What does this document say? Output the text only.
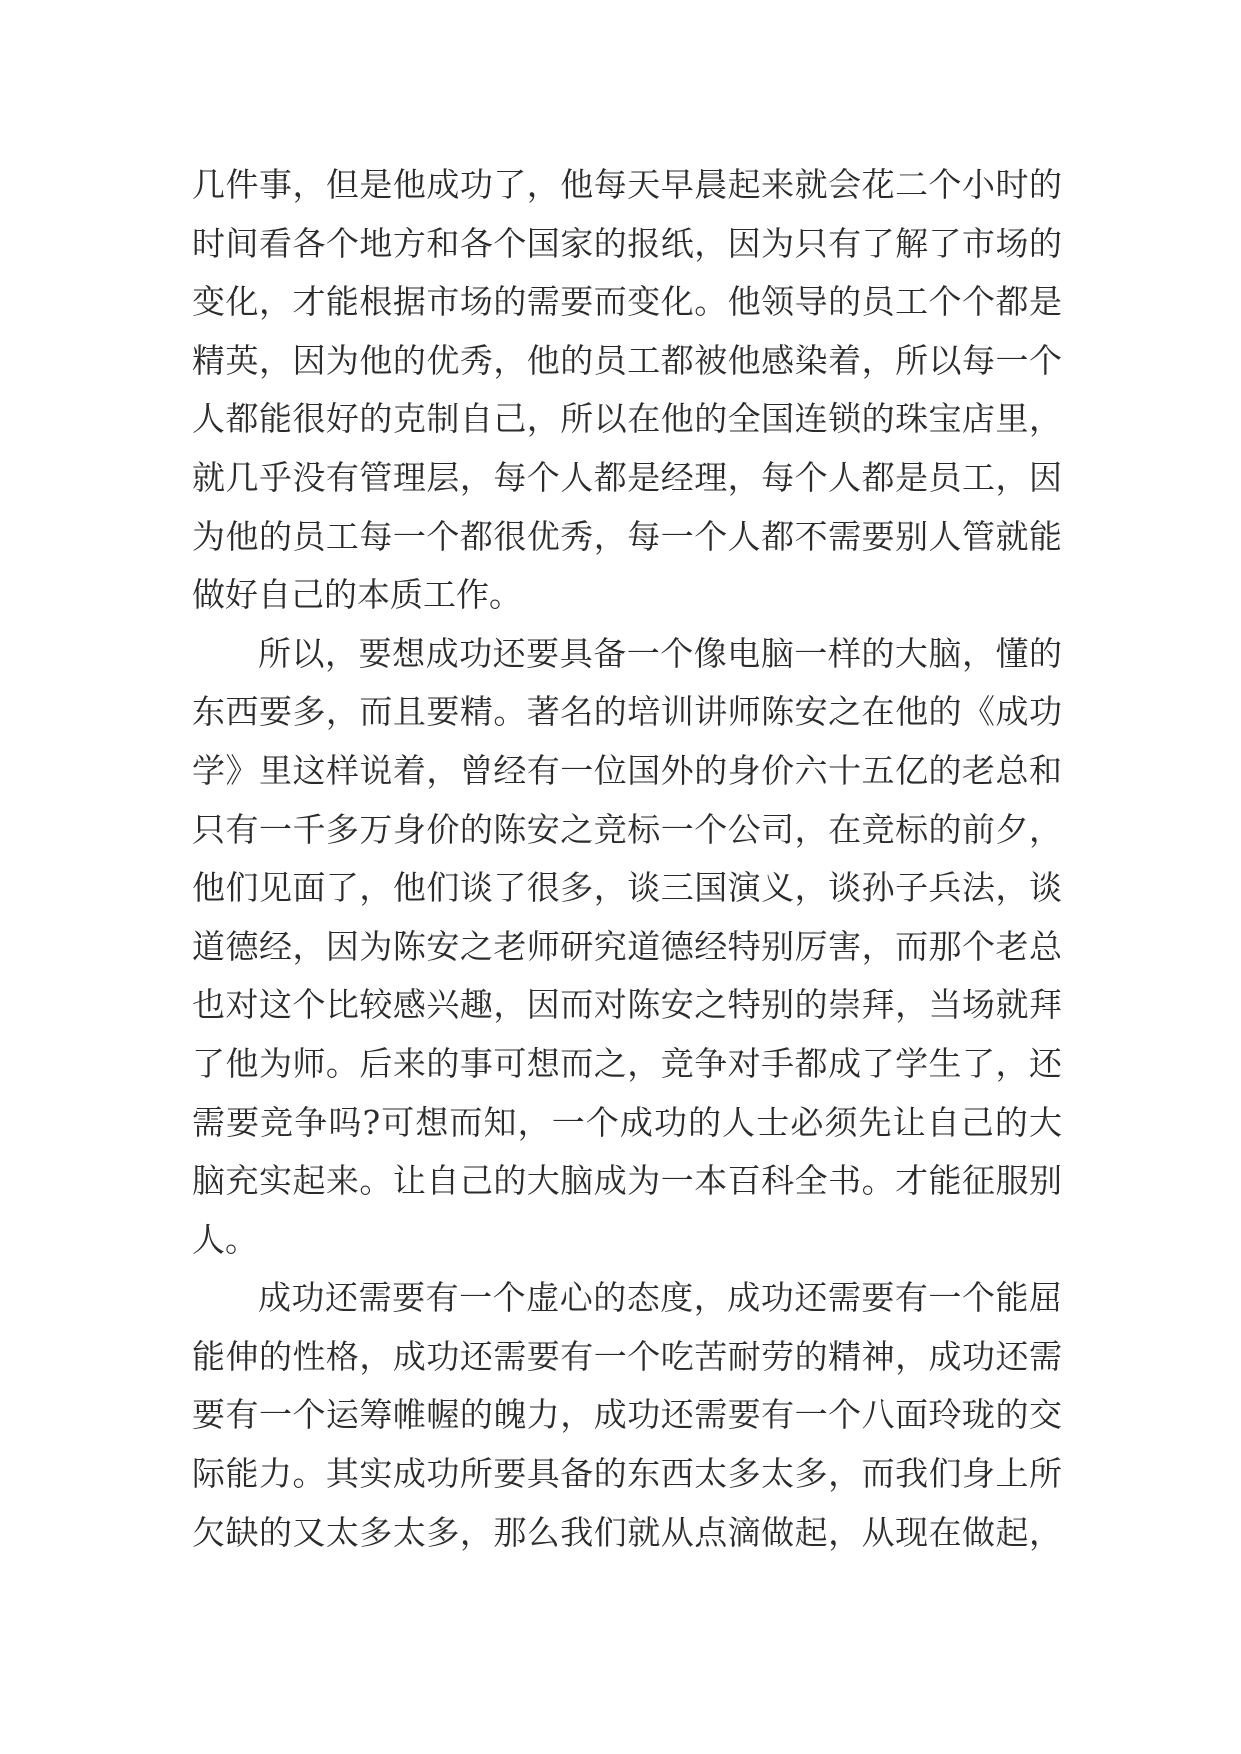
几件事，但是他成功了，他每天早晨起来就会花二个小时的
时间看各个地方和各个国家的报纸，因为只有了解了市场的
变化，才能根据市场的需要而变化。他领导的员工个个都是
精英，因为他的优秀，他的员工都被他感染着，所以每一个
人都能很好的克制自己，所以在他的全国连锁的珠宝店里，
就几乎没有管理层，每个人都是经理，每个人都是员工，因
为他的员工每一个都很优秀，每一个人都不需要别人管就能
做好自己的本质工作。
所以，要想成功还要具备一个像电脑一样的大脑，懂的
东西要多，而且要精。著名的培训讲师陈安之在他的《成功
学》里这样说着，曾经有一位国外的身价六十五亿的老总和
只有一千多万身价的陈安之竞标一个公司，在竞标的前夕，
他们见面了，他们谈了很多，谈三国演义，谈孙子兵法，谈
道德经，因为陈安之老师研究道德经特别厉害，而那个老总
也对这个比较感兴趣，因而对陈安之特别的崇拜，当场就拜
了他为师。后来的事可想而之，竞争对手都成了学生了，还
需要竞争吗?可想而知，一个成功的人士必须先让自己的大
脑充实起来。让自己的大脑成为一本百科全书。才能征服别
人。
成功还需要有一个虚心的态度，成功还需要有一个能屈
能伸的性格，成功还需要有一个吃苦耐劳的精神，成功还需
要有一个运筹帷幄的魄力，成功还需要有一个八面玲珑的交
际能力。其实成功所要具备的东西太多太多，而我们身上所
欠缺的又太多太多，那么我们就从点滴做起，从现在做起，
